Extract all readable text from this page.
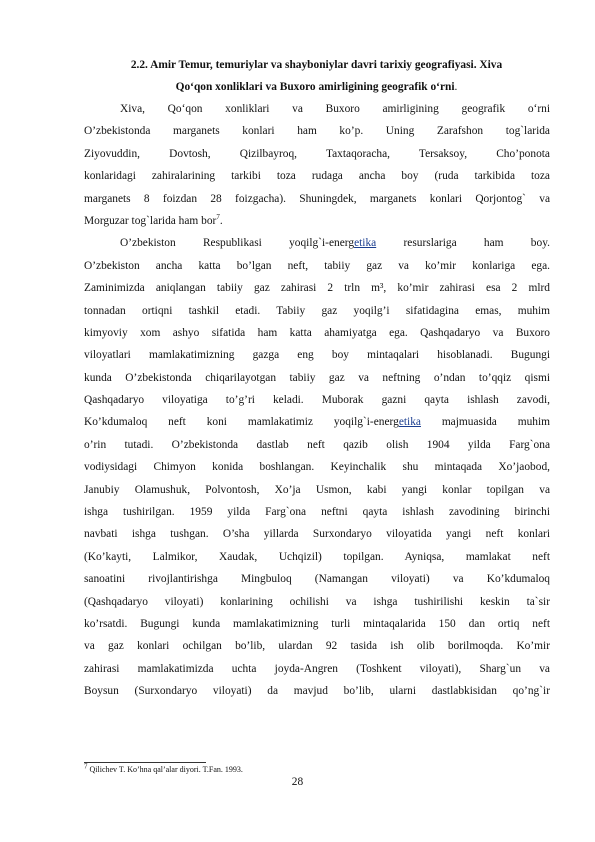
2.2. Amir Temur, temuriylar va shayboniylar davri tarixiy geografiyasi. Xiva
Qo‘qon xonliklari va Buxoro amirligining geografik o‘rni.
Xiva, Qo‘qon xonliklari va Buxoro amirligining geografik o‘rni
O’zbekistonda marganets konlari ham ko’p. Uning Zarafshon tog`larida
Ziyovuddin, Dovtosh, Qizilbayroq, Taxtaqoracha, Tersaksoy, Cho’ponota
konlaridagi zahiralarining tarkibi toza rudaga ancha boy (ruda tarkibida toza
marganets 8 foizdan 28 foizgacha). Shuningdek, marganets konlari Qorjontog` va
Morguzar tog`larida ham bor$^7$.
O’zbekiston Respublikasi yoqilg`i-energetika resurslariga ham boy.
O’zbekiston ancha katta bo’lgan neft, tabiiy gaz va ko’mir konlariga ega.
Zaminimizda aniqlangan tabiiy gaz zahirasi 2 trln m³, ko’mir zahirasi esa 2 mlrd
tonnadan ortiqni tashkil etadi. Tabiiy gaz yoqilg’i sifatidagina emas, muhim
kimyoviy xom ashyo sifatida ham katta ahamiyatga ega. Qashqadaryo va Buxoro
viloyatlari mamlakatimizning gazga eng boy mintaqalari hisoblanadi. Bugungi
kunda O’zbekistonda chiqarilayotgan tabiiy gaz va neftning o’ndan to’qqiz qismi
Qashqadaryo viloyatiga to’g’ri keladi. Muborak gazni qayta ishlash zavodi,
Ko’kdumaloq neft koni mamlakatimiz yoqilg`i-energetika majmuasida muhim
o’rin tutadi. O’zbekistonda dastlab neft qazib olish 1904 yilda Farg`ona
vodiysidagi Chimyon konida boshlangan. Keyinchalik shu mintaqada Xo’jaobod,
Janubiy Olamushuk, Polvontosh, Xo’ja Usmon, kabi yangi konlar topilgan va
ishga tushirilgan. 1959 yilda Farg`ona neftni qayta ishlash zavodining birinchi
navbati ishga tushgan. O’sha yillarda Surxondaryo viloyatida yangi neft konlari
(Ko’kayti, Lalmikor, Xaudak, Uchqizil) topilgan. Ayniqsa, mamlakat neft
sanoatini rivojlantirishga Mingbuloq (Namangan viloyati) va Ko’kdumaloq
(Qashqadaryo viloyati) konlarining ochilishi va ishga tushirilishi keskin ta`sir
ko’rsatdi. Bugungi kunda mamlakatimizning turli mintaqalarida 150 dan ortiq neft
va gaz konlari ochilgan bo’lib, ulardan 92 tasida ish olib borilmoqda. Ko’mir
zahirasi mamlakatimizda uchta joyda-Angren (Toshkent viloyati), Sharg`un va
Boysun (Surxondaryo viloyati) da mavjud bo’lib, ularni dastlabkisidan qo’ng`ir
$^7$ Qilichev T. Ko’hna qal’alar diyori. T.Fan. 1993.
28
